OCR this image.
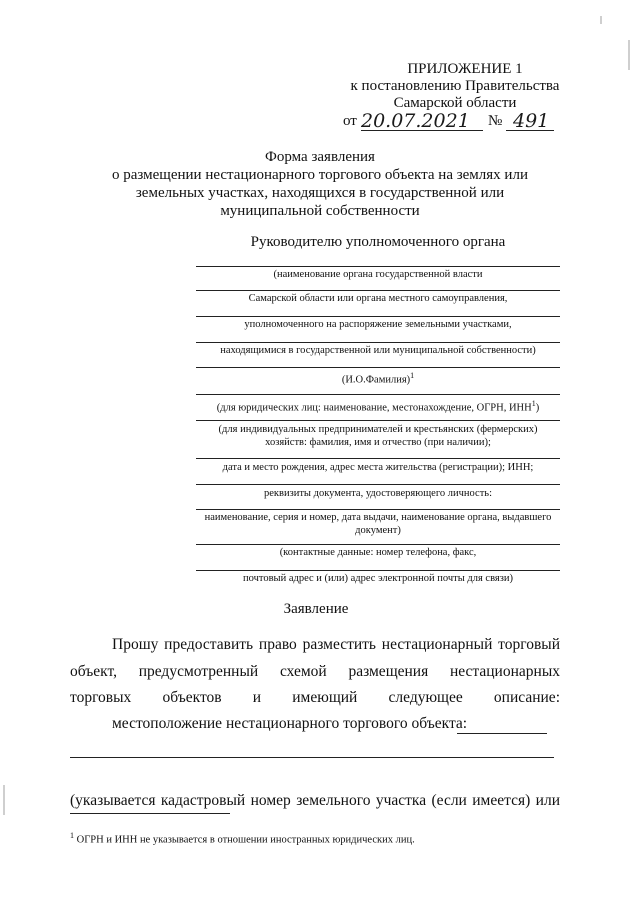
ПРИЛОЖЕНИЕ 1
к постановлению Правительства
Самарской области
от 20.07.2021 № 491
Форма заявления
о размещении нестационарного торгового объекта на землях или
земельных участках, находящихся в государственной или
муниципальной собственности
Руководителю уполномоченного органа
(наименование органа государственной власти
Самарской области или органа местного самоуправления,
уполномоченного на распоряжение земельными участками,
находящимися в государственной или муниципальной собственности)
(И.О.Фамилия)$^1$
(для юридических лиц: наименование, местонахождение, ОГРН, ИНН$^1$)
(для индивидуальных предпринимателей и крестьянских (фермерских)
хозяйств: фамилия, имя и отчество (при наличии);
дата и место рождения, адрес места жительства (регистрации); ИНН;
реквизиты документа, удостоверяющего личность:
наименование, серия и номер, дата выдачи, наименование органа, выдавшего
документ)
(контактные данные: номер телефона, факс,
почтовый адрес и (или) адрес электронной почты для связи)
Заявление
Прошу предоставить право разместить нестационарный торговый
объект, предусмотренный схемой размещения нестационарных
торговых объектов и имеющий следующее описание:
местоположение нестационарного торгового объекта:
(указывается кадастровый номер земельного участка (если имеется) или
$^1$ ОГРН и ИНН не указывается в отношении иностранных юридических лиц.
